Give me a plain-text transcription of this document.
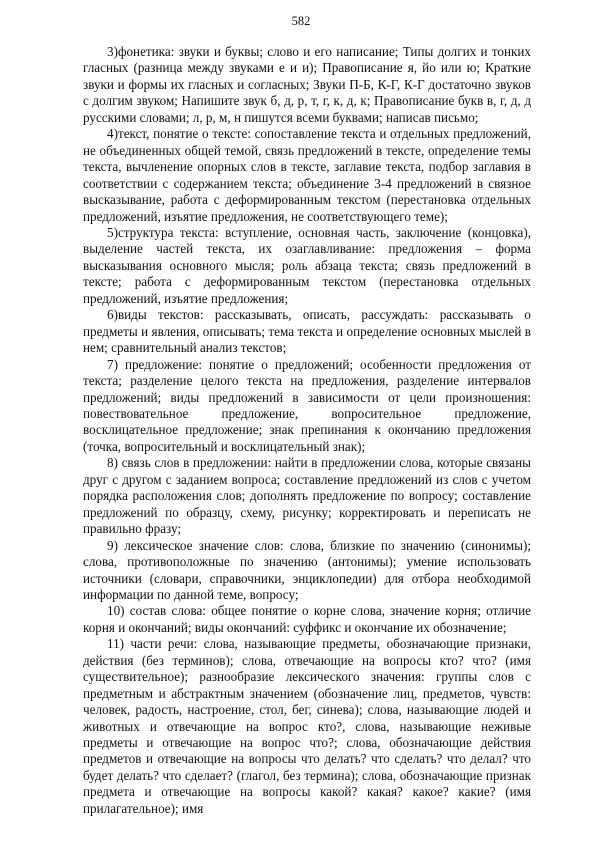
582

3)фонетика: звуки и буквы; слово и его написание; Типы долгих и тонких гласных (разница между звуками е и и); Правописание я, йо или ю; Краткие звуки и формы их гласных и согласных; Звуки П-Б, К-Г, К-Г достаточно звуков с долгим звуком; Напишите звук б, д, р, т, г, к, д, к; Правописание букв в, г, д, д русскими словами; л, р, м, н пишутся всеми буквами; написав письмо;

4)текст, понятие о тексте: сопоставление текста и отдельных предложений, не объединенных общей темой, связь предложений в тексте, определение темы текста, вычленение опорных слов в тексте, заглавие текста, подбор заглавия в соответствии с содержанием текста; объединение 3-4 предложений в связное высказывание, работа с деформированным текстом (перестановка отдельных предложений, изъятие предложения, не соответствующего теме);

5)структура текста: вступление, основная часть, заключение (концовка), выделение частей текста, их озаглавливание: предложения – форма высказывания основного мысля; роль абзаца текста; связь предложений в тексте; работа с деформированным текстом (перестановка отдельных предложений, изъятие предложения;

6)виды текстов: рассказывать, описать, рассуждать: рассказывать о предметы и явления, описывать; тема текста и определение основных мыслей в нем; сравнительный анализ текстов;

7) предложение: понятие о предложений; особенности предложения от текста; разделение целого текста на предложения, разделение интервалов предложений; виды предложений в зависимости от цели произношения: повествовательное предложение, вопросительное предложение, восклицательное предложение; знак препинания к окончанию предложения (точка, вопросительный и восклицательный знак);

8) связь слов в предложении: найти в предложении слова, которые связаны друг с другом с заданием вопроса; составление предложений из слов с учетом порядка расположения слов; дополнять предложение по вопросу; составление предложений по образцу, схему, рисунку; корректировать и переписать не правильно фразу;

9) лексическое значение слов: слова, близкие по значению (синонимы); слова, противоположные по значению (антонимы); умение использовать источники (словари, справочники, энциклопедии) для отбора необходимой информации по данной теме, вопросу;

10) состав слова: общее понятие о корне слова, значение корня; отличие корня и окончаний; виды окончаний: суффикс и окончание их обозначение;

11) части речи: слова, называющие предметы, обозначающие признаки, действия (без терминов); слова, отвечающие на вопросы кто? что? (имя существительное); разнообразие лексического значения: группы слов с предметным и абстрактным значением (обозначение лиц, предметов, чувств: человек, радость, настроение, стол, бег, синева); слова, называющие людей и животных и отвечающие на вопрос кто?, слова, называющие неживые предметы и отвечающие на вопрос что?; слова, обозначающие действия предметов и отвечающие на вопросы что делать? что сделать? что делал? что будет делать? что сделает? (глагол, без термина); слова, обозначающие признак предмета и отвечающие на вопросы какой? какая? какое? какие? (имя прилагательное); имя
